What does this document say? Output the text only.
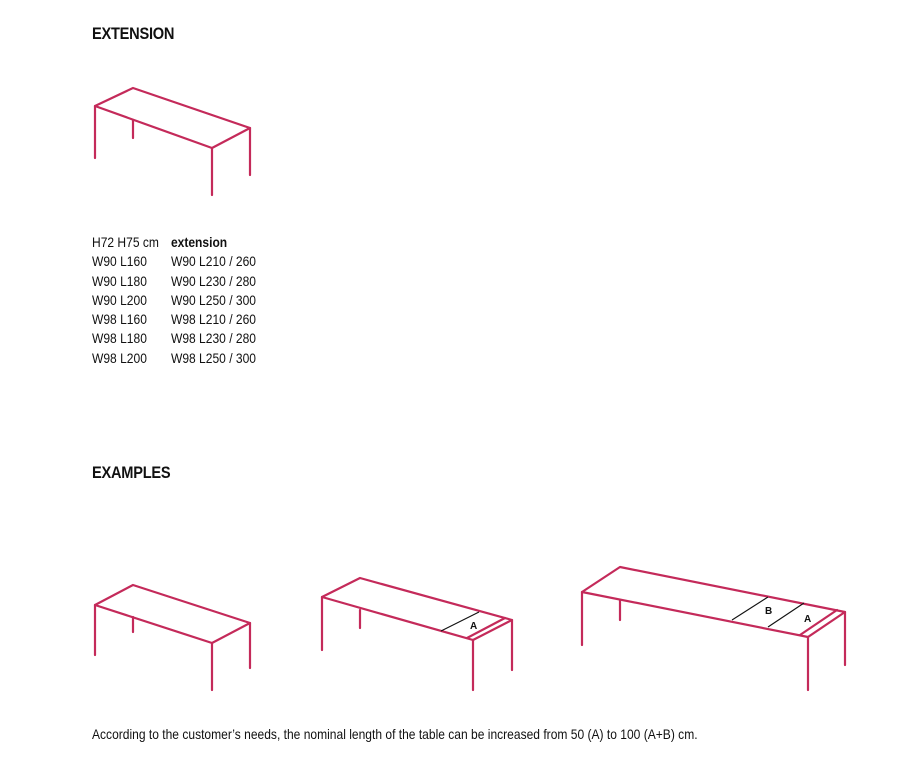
EXTENSION
H72 H75 cm
W90 L160
W90 L180
W90 L200
W98 L160
W98 L180
W98 L200
extension
W90 L210 / 260
W90 L230 / 280
W90 L250 / 300
W98 L210 / 260
W98 L230 / 280
W98 L250 / 300
EXAMPLES
A
B
A

According to the customer’s needs, the nominal length of the table can be increased from 50 (A) to 100 (A+B) cm.
